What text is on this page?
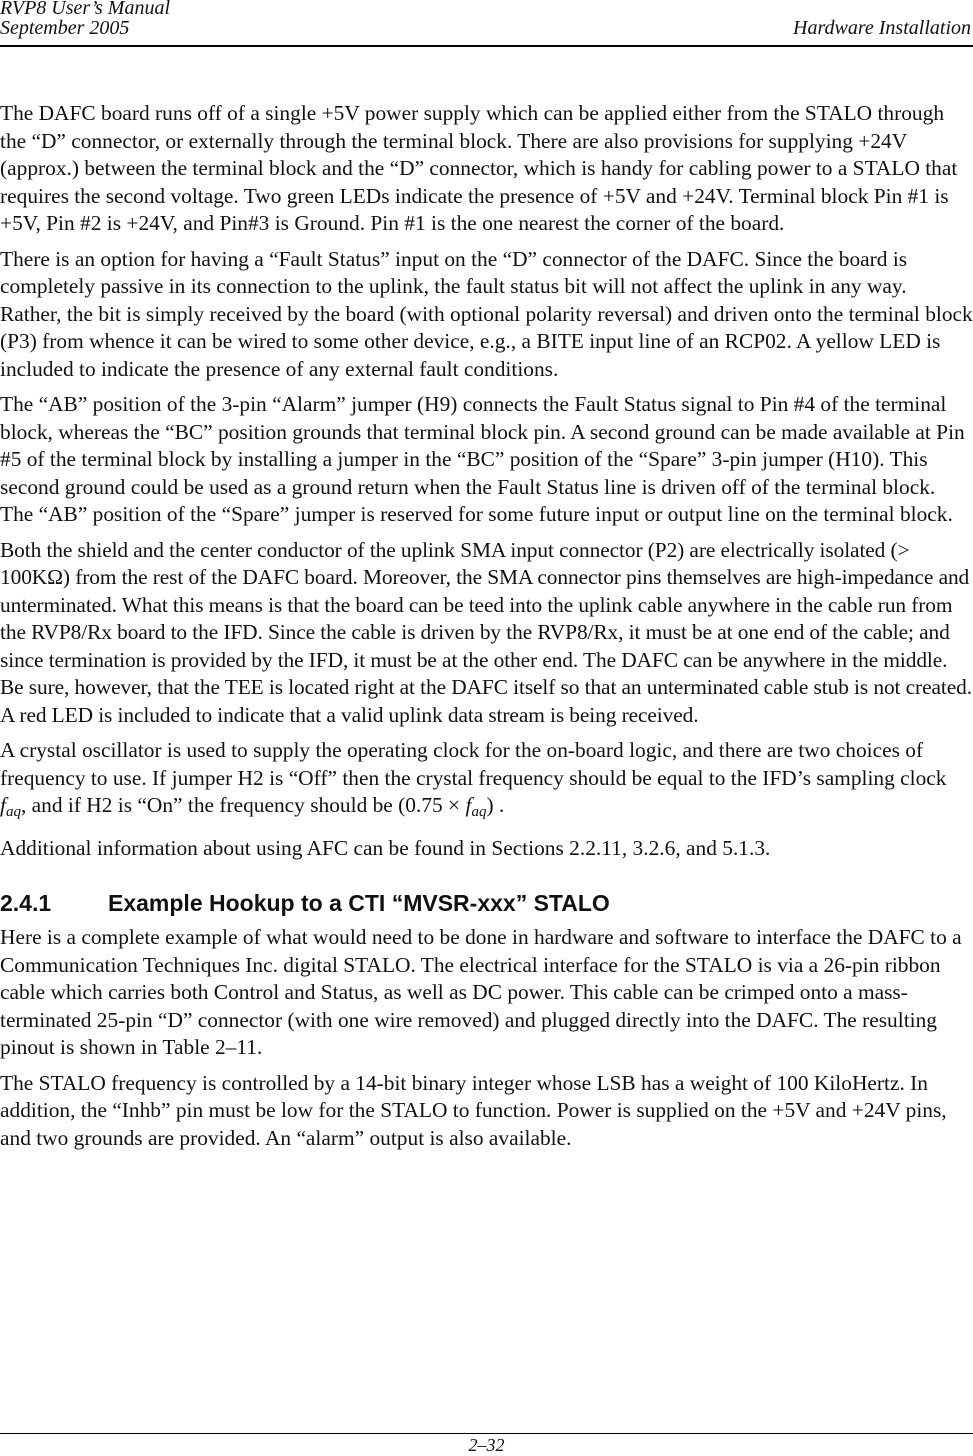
RVP8 User’s Manual
September 2005	Hardware Installation

The DAFC board runs off of a single +5V power supply which can be applied either from the STALO through the “D” connector, or externally through the terminal block. There are also provisions for supplying +24V (approx.) between the terminal block and the “D” connector, which is handy for cabling power to a STALO that requires the second voltage. Two green LEDs indicate the presence of +5V and +24V. Terminal block Pin #1 is +5V, Pin #2 is +24V, and Pin#3 is Ground. Pin #1 is the one nearest the corner of the board.

There is an option for having a “Fault Status” input on the “D” connector of the DAFC. Since the board is completely passive in its connection to the uplink, the fault status bit will not affect the uplink in any way. Rather, the bit is simply received by the board (with optional polarity reversal) and driven onto the terminal block (P3) from whence it can be wired to some other device, e.g., a BITE input line of an RCP02. A yellow LED is included to indicate the presence of any external fault conditions.

The “AB” position of the 3-pin “Alarm” jumper (H9) connects the Fault Status signal to Pin #4 of the terminal block, whereas the “BC” position grounds that terminal block pin. A second ground can be made available at Pin #5 of the terminal block by installing a jumper in the “BC” position of the “Spare” 3-pin jumper (H10). This second ground could be used as a ground return when the Fault Status line is driven off of the terminal block. The “AB” position of the “Spare” jumper is reserved for some future input or output line on the terminal block.

Both the shield and the center conductor of the uplink SMA input connector (P2) are electrically isolated (> 100KΩ) from the rest of the DAFC board. Moreover, the SMA connector pins themselves are high-impedance and unterminated. What this means is that the board can be teed into the uplink cable anywhere in the cable run from the RVP8/Rx board to the IFD. Since the cable is driven by the RVP8/Rx, it must be at one end of the cable; and since termination is provided by the IFD, it must be at the other end. The DAFC can be anywhere in the middle. Be sure, however, that the TEE is located right at the DAFC itself so that an unterminated cable stub is not created. A red LED is included to indicate that a valid uplink data stream is being received.

A crystal oscillator is used to supply the operating clock for the on-board logic, and there are two choices of frequency to use. If jumper H2 is “Off” then the crystal frequency should be equal to the IFD’s sampling clock $f_{aq}$, and if H2 is “On” the frequency should be $(0.75 \times f_{aq})$ .

Additional information about using AFC can be found in Sections 2.2.11, 3.2.6, and 5.1.3.

2.4.1 Example Hookup to a CTI “MVSR-xxx” STALO

Here is a complete example of what would need to be done in hardware and software to interface the DAFC to a Communication Techniques Inc. digital STALO. The electrical interface for the STALO is via a 26-pin ribbon cable which carries both Control and Status, as well as DC power. This cable can be crimped onto a mass-terminated 25-pin “D” connector (with one wire removed) and plugged directly into the DAFC. The resulting pinout is shown in Table 2–11.

The STALO frequency is controlled by a 14-bit binary integer whose LSB has a weight of 100 KiloHertz. In addition, the “Inhb” pin must be low for the STALO to function. Power is supplied on the +5V and +24V pins, and two grounds are provided. An “alarm” output is also available.

2–32
